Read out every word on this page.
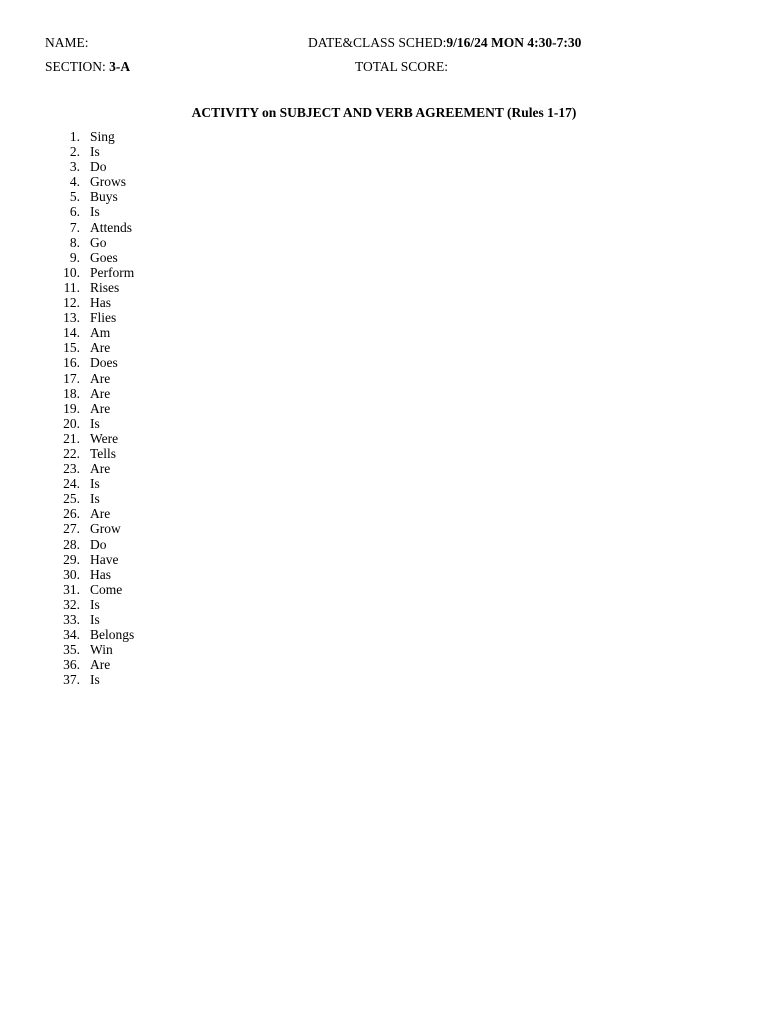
NAME:	DATE&CLASS SCHED:9/16/24 MON 4:30-7:30
SECTION: 3-A	TOTAL SCORE:
ACTIVITY on SUBJECT AND VERB AGREEMENT (Rules 1-17)
1. Sing
2. Is
3. Do
4. Grows
5. Buys
6. Is
7. Attends
8. Go
9. Goes
10. Perform
11. Rises
12. Has
13. Flies
14. Am
15. Are
16. Does
17. Are
18. Are
19. Are
20. Is
21. Were
22. Tells
23. Are
24. Is
25. Is
26. Are
27. Grow
28. Do
29. Have
30. Has
31. Come
32. Is
33. Is
34. Belongs
35. Win
36. Are
37. Is
